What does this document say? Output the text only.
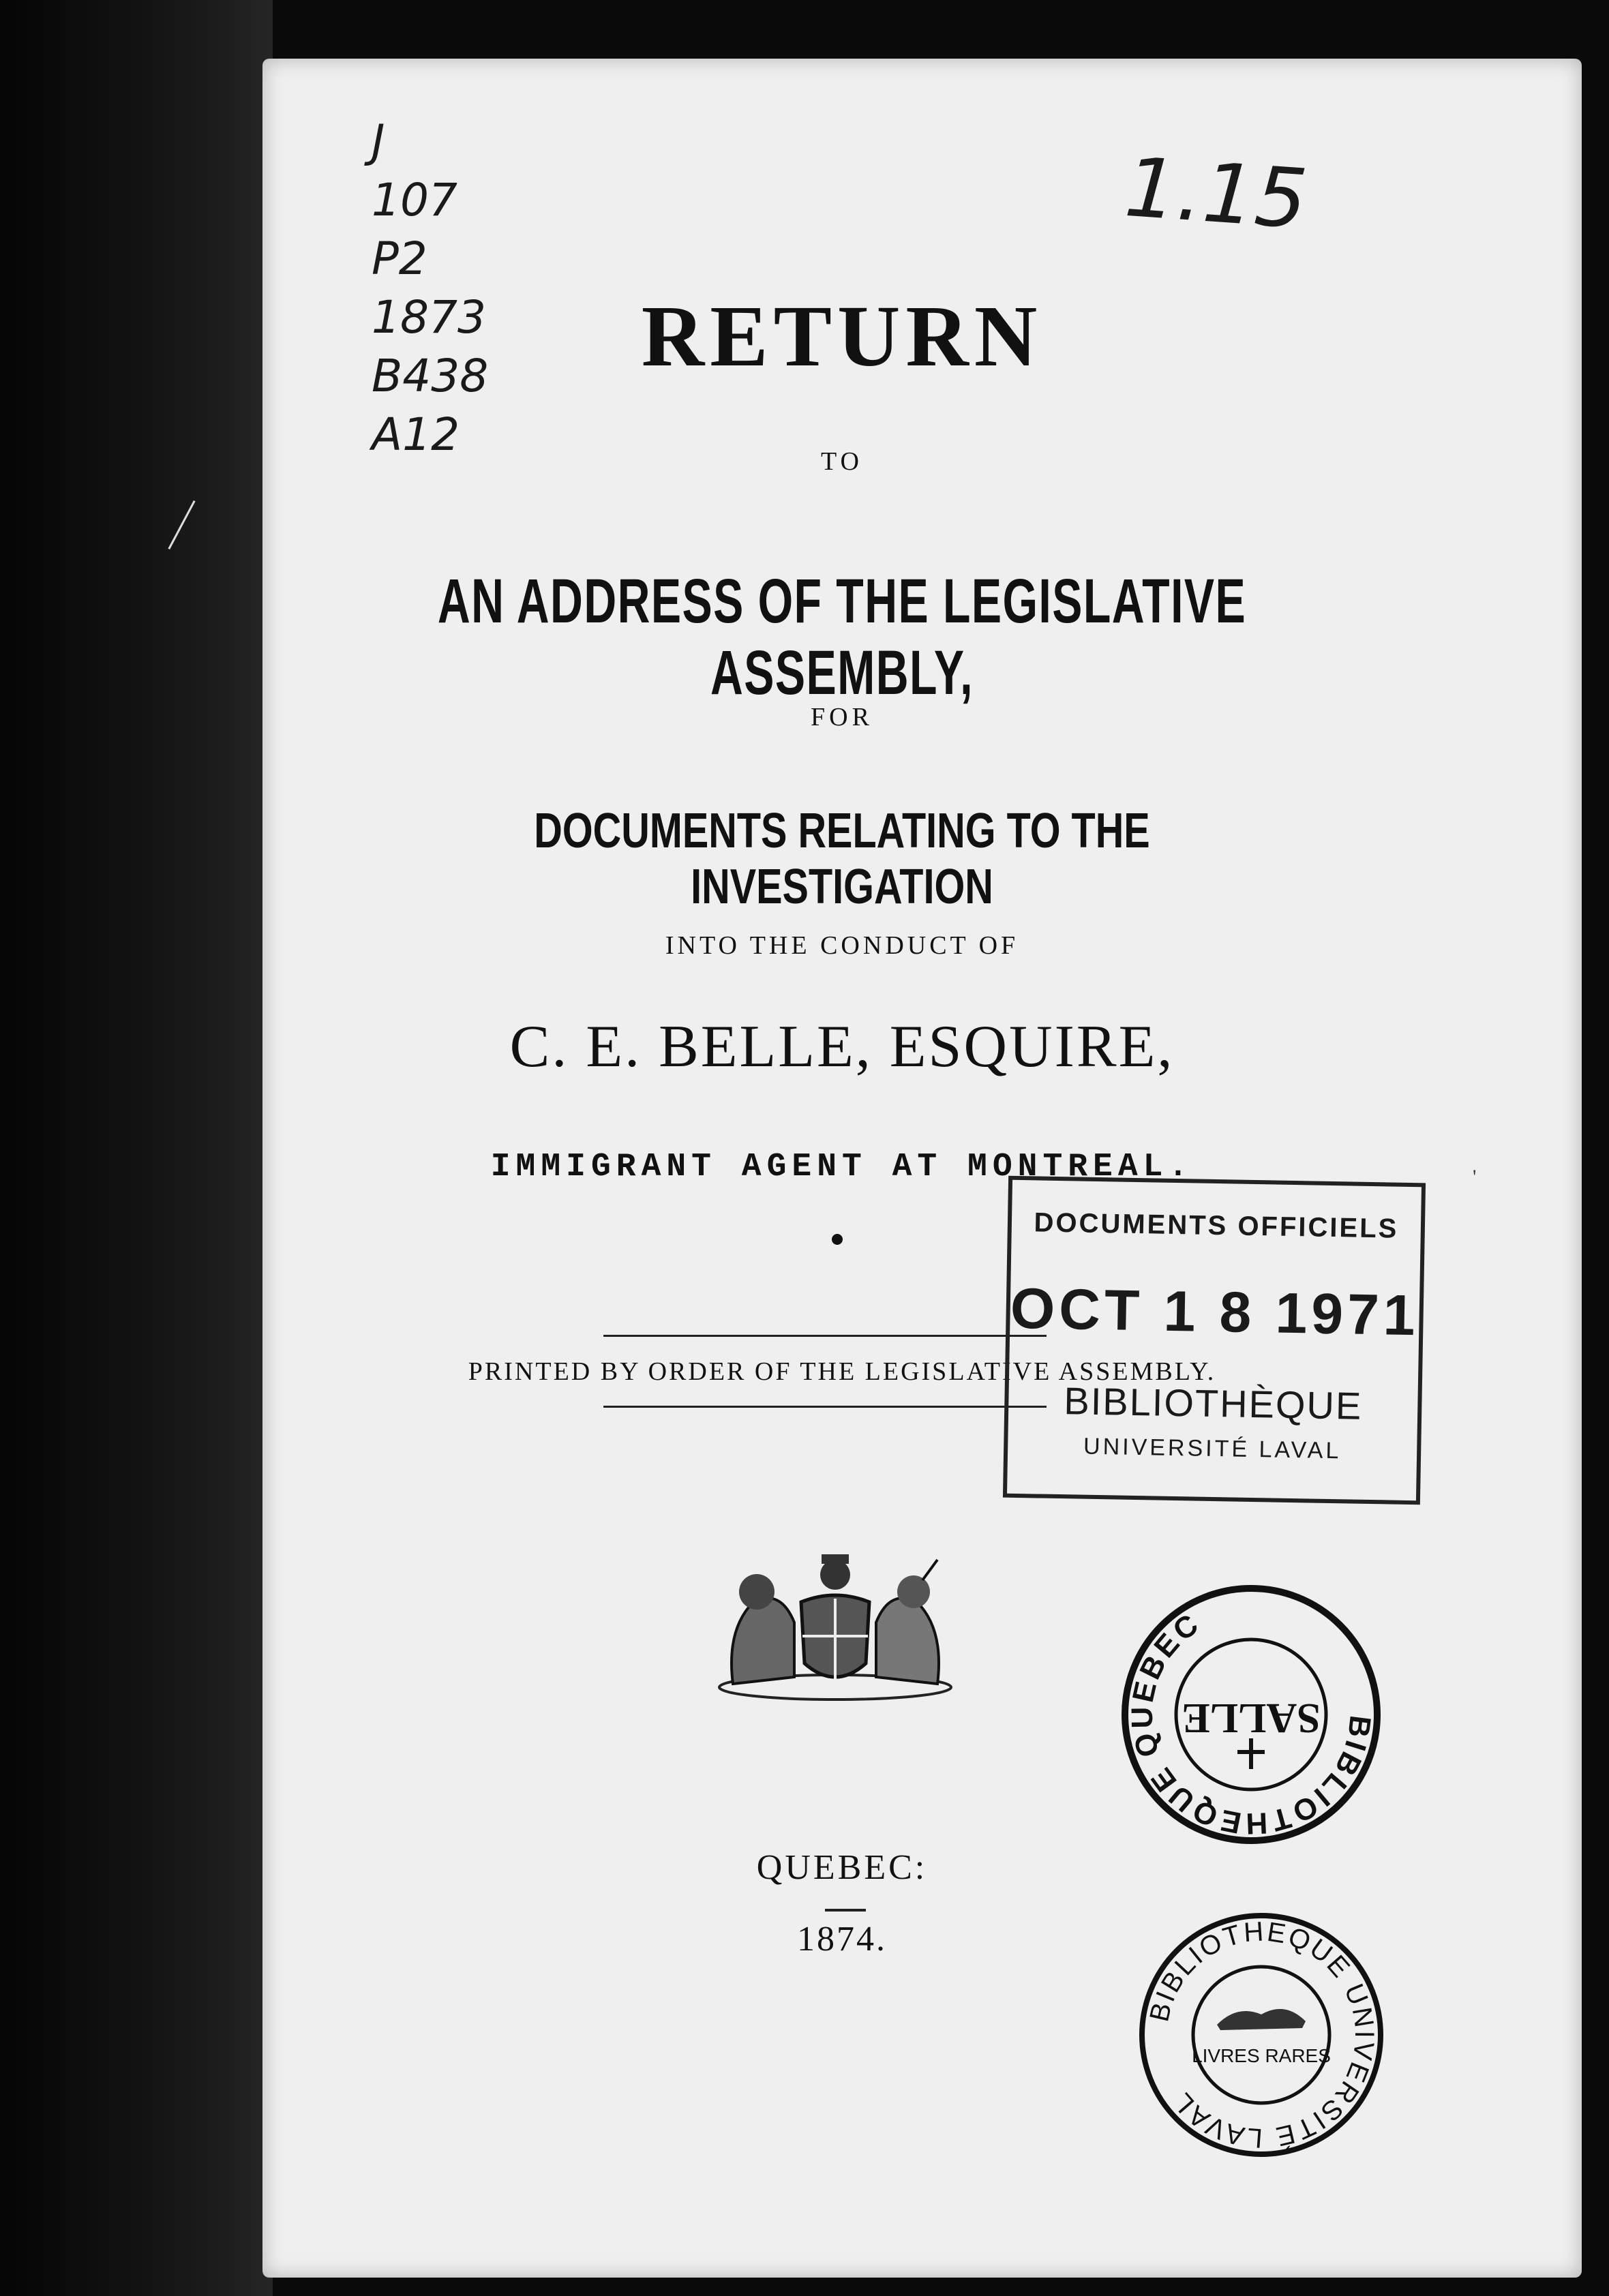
J
107
P2
1873
B438
A12
1.15
RETURN
TO
AN ADDRESS OF THE LEGISLATIVE ASSEMBLY,
FOR
DOCUMENTS RELATING TO THE INVESTIGATION
INTO THE CONDUCT OF
C. E. BELLE, ESQUIRE,
IMMIGRANT AGENT AT MONTREAL.
PRINTED BY ORDER OF THE LEGISLATIVE ASSEMBLY.
QUEBEC:
1874.
DOCUMENTS OFFICIELS
OCT 1 8 1971
BIBLIOTHÈQUE
UNIVERSITÉ LAVAL
BIBLIOTHEQUE QUEBEC
SALLE
BIBLIOTHEQUE UNIVERSITÉ LAVAL
LIVRES RARES
'
